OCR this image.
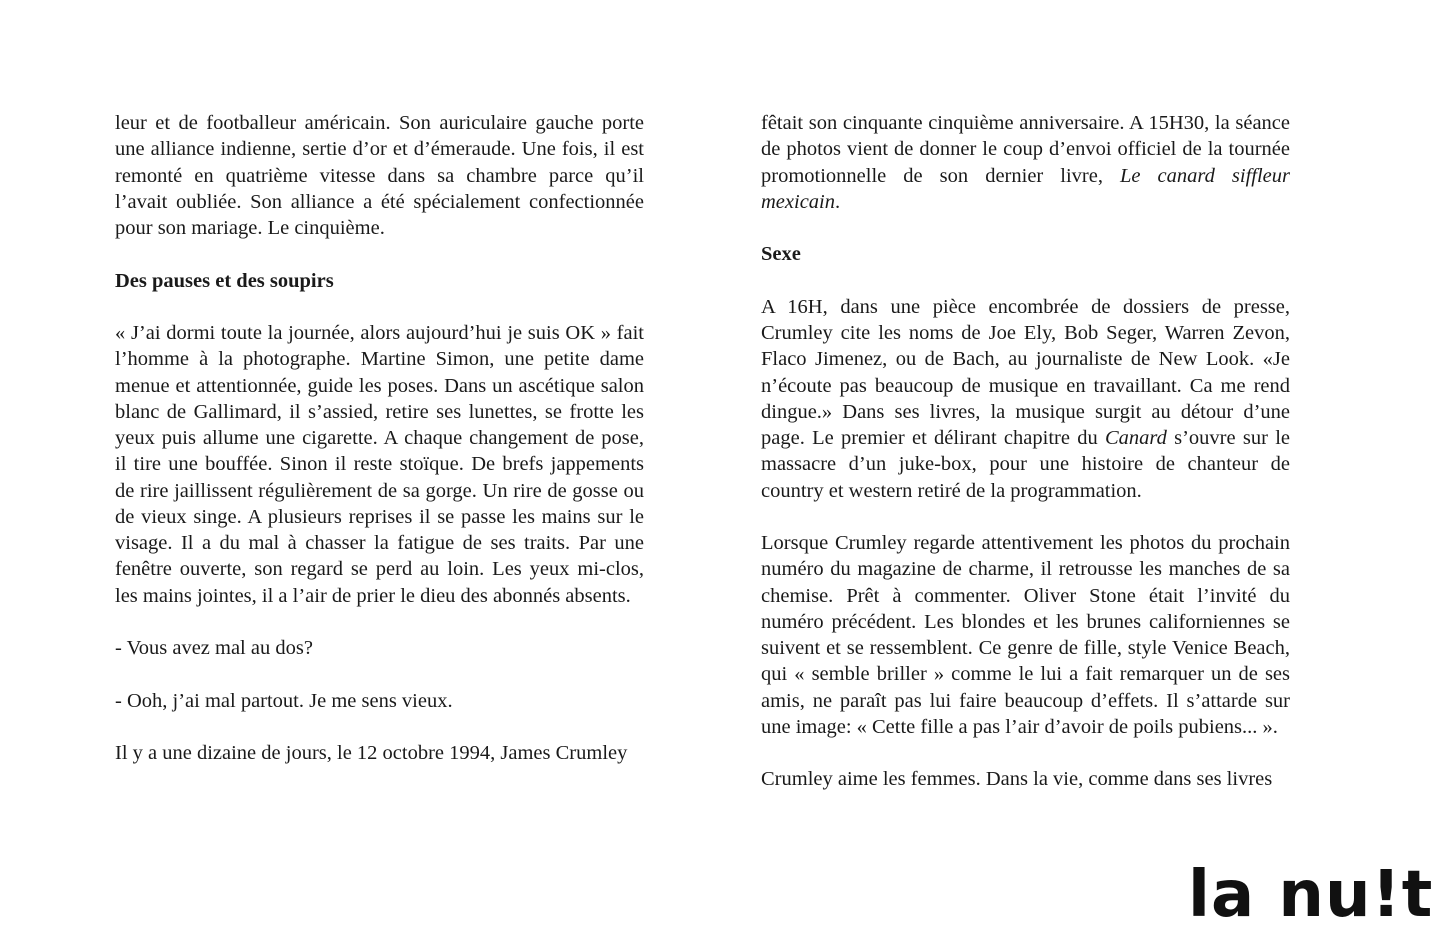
leur et de footballeur américain. Son auriculaire gauche porte une alliance indienne, sertie d’or et d’émeraude. Une fois, il est remonté en quatrième vitesse dans sa chambre parce qu’il l’avait oubliée. Son alliance a été spécialement confectionnée pour son mariage. Le cinquième.

Des pauses et des soupirs

« J’ai dormi toute la journée, alors aujourd’hui je suis OK » fait l’homme à la photographe. Martine Simon, une petite dame menue et attentionnée, guide les poses. Dans un ascétique salon blanc de Gallimard, il s’assied, retire ses lunettes, se frotte les yeux puis allume une cigarette. A chaque changement de pose, il tire une bouffée. Sinon il reste stoïque. De brefs jappements de rire jaillissent régulièrement de sa gorge. Un rire de gosse ou de vieux singe. A plusieurs reprises il se passe les mains sur le visage. Il a du mal à chasser la fatigue de ses traits. Par une fenêtre ouverte, son regard se perd au loin. Les yeux mi-clos, les mains jointes, il a l’air de prier le dieu des abonnés absents.

- Vous avez mal au dos?

- Ooh, j’ai mal partout. Je me sens vieux.

Il y a une dizaine de jours, le 12 octobre 1994, James Crumley

fêtait son cinquante cinquième anniversaire. A 15H30, la séance de photos vient de donner le coup d’envoi officiel de la tournée promotionnelle de son dernier livre, Le canard siffleur mexicain.

Sexe

A 16H, dans une pièce encombrée de dossiers de presse, Crumley cite les noms de Joe Ely, Bob Seger, Warren Zevon, Flaco Jimenez, ou de Bach, au journaliste de New Look. «Je n’écoute pas beaucoup de musique en travaillant. Ca me rend dingue.» Dans ses livres, la musique surgit au détour d’une page. Le premier et délirant chapitre du Canard s’ouvre sur le massacre d’un juke-box, pour une histoire de chanteur de country et western retiré de la programmation.

Lorsque Crumley regarde attentivement les photos du prochain numéro du magazine de charme, il retrousse les manches de sa chemise. Prêt à commenter. Oliver Stone était l’invité du numéro précédent. Les blondes et les brunes californiennes se suivent et se ressemblent. Ce genre de fille, style Venice Beach, qui « semble briller » comme le lui a fait remarquer un de ses amis, ne paraît pas lui faire beaucoup d’effets. Il s’attarde sur une image: « Cette fille a pas l’air d’avoir de poils pubiens... ».

Crumley aime les femmes. Dans la vie, comme dans ses livres

la nu!t
